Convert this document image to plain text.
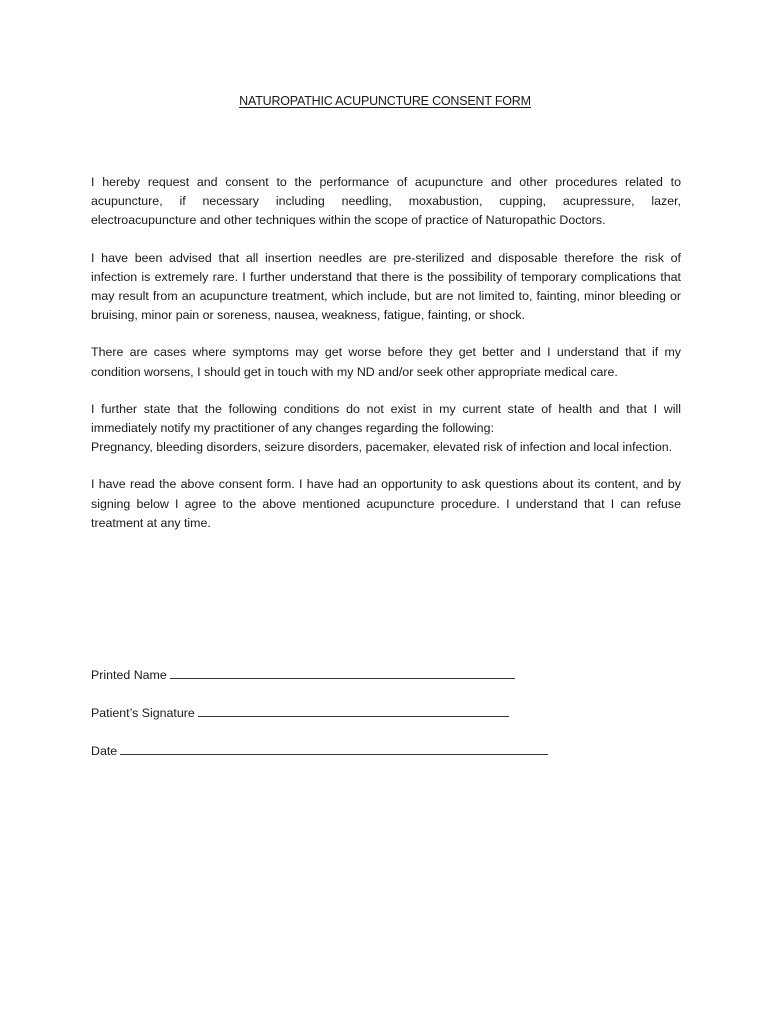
NATUROPATHIC ACUPUNCTURE CONSENT FORM

I hereby request and consent to the performance of acupuncture and other procedures related to acupuncture, if necessary including needling, moxabustion, cupping, acupressure, lazer, electroacupuncture and other techniques within the scope of practice of Naturopathic Doctors.

I have been advised that all insertion needles are pre-sterilized and disposable therefore the risk of infection is extremely rare. I further understand that there is the possibility of temporary complications that may result from an acupuncture treatment, which include, but are not limited to, fainting, minor bleeding or bruising, minor pain or soreness, nausea, weakness, fatigue, fainting, or shock.

There are cases where symptoms may get worse before they get better and I understand that if my condition worsens, I should get in touch with my ND and/or seek other appropriate medical care.

I further state that the following conditions do not exist in my current state of health and that I will immediately notify my practitioner of any changes regarding the following:

Pregnancy, bleeding disorders, seizure disorders, pacemaker, elevated risk of infection and local infection.

I have read the above consent form. I have had an opportunity to ask questions about its content, and by signing below I agree to the above mentioned acupuncture procedure. I understand that I can refuse treatment at any time.

Printed Name
Patient’s Signature
Date
